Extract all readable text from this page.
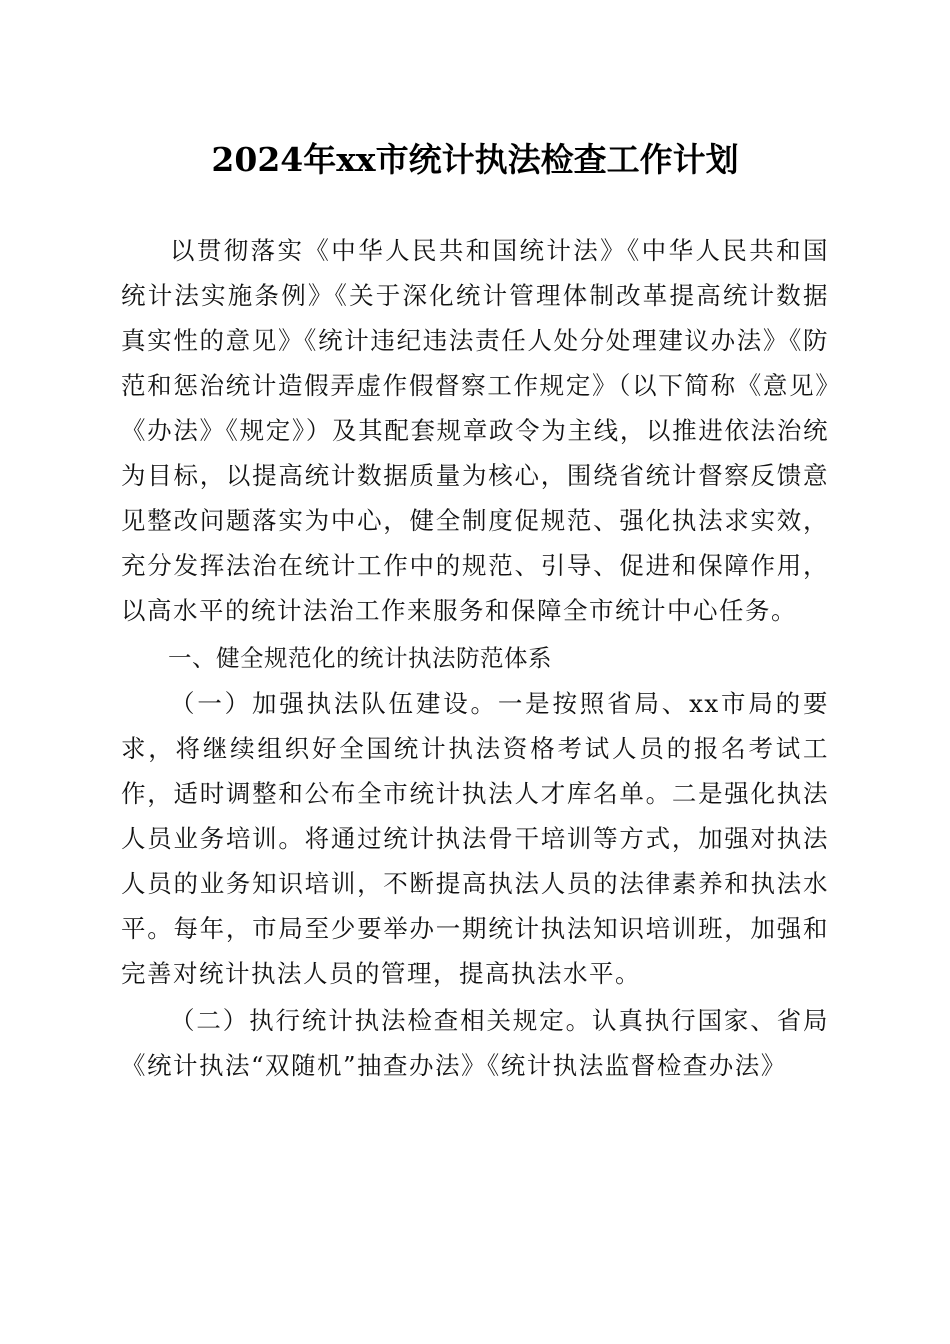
2024年xx市统计执法检查工作计划

以贯彻落实《中华人民共和国统计法》《中华人民共和国统计法实施条例》《关于深化统计管理体制改革提高统计数据真实性的意见》《统计违纪违法责任人处分处理建议办法》《防范和惩治统计造假弄虚作假督察工作规定》（以下简称《意见》《办法》《规定》）及其配套规章政令为主线，以推进依法治统为目标，以提高统计数据质量为核心，围绕省统计督察反馈意见整改问题落实为中心，健全制度促规范、强化执法求实效，充分发挥法治在统计工作中的规范、引导、促进和保障作用，以高水平的统计法治工作来服务和保障全市统计中心任务。

一、健全规范化的统计执法防范体系

（一）加强执法队伍建设。一是按照省局、xx市局的要求，将继续组织好全国统计执法资格考试人员的报名考试工作，适时调整和公布全市统计执法人才库名单。二是强化执法人员业务培训。将通过统计执法骨干培训等方式，加强对执法人员的业务知识培训，不断提高执法人员的法律素养和执法水平。每年，市局至少要举办一期统计执法知识培训班，加强和完善对统计执法人员的管理，提高执法水平。

（二）执行统计执法检查相关规定。认真执行国家、省局《统计执法“双随机”抽查办法》《统计执法监督检查办法》
